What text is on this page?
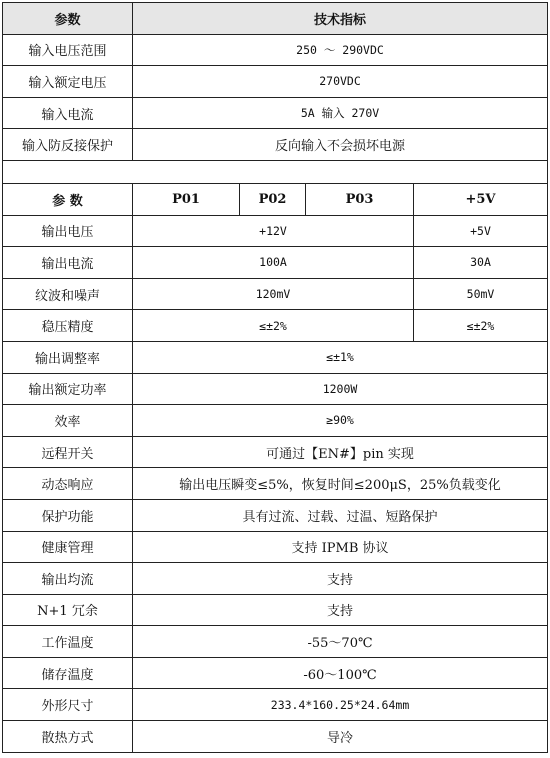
参数	技术指标			
输入电压范围	250 ～ 290VDC			
输入额定电压	270VDC			
输入电流	5A 输入 270V			
输入防反接保护	反向输入不会损坏电源			

参 数	P01	P02	P03	+5V
输出电压	+12V			+5V
输出电流	100A			30A
纹波和噪声	120mV			50mV
稳压精度	≤±2%			≤±2%
输出调整率	≤±1%			
输出额定功率	1200W			
效率	≥90%			
远程开关	可通过【EN#】pin 实现			
动态响应	输出电压瞬变≤5%，恢复时间≤200μS，25%负载变化			
保护功能	具有过流、过载、过温、短路保护			
健康管理	支持 IPMB 协议			
输出均流	支持			
N+1 冗余	支持			
工作温度	-55～70℃			
储存温度	-60～100℃			
外形尺寸	233.4*160.25*24.64mm			
散热方式	导冷			
